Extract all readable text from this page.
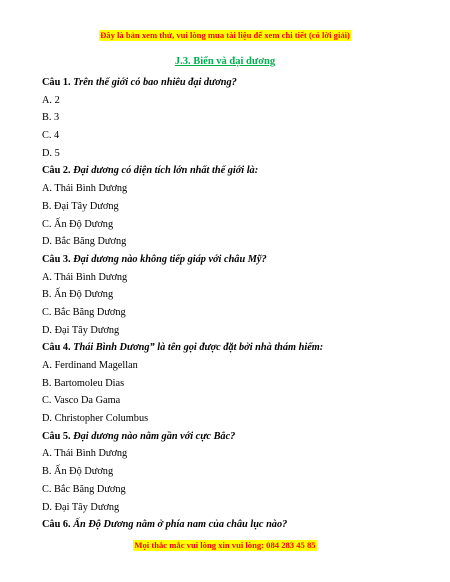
Đây là bản xem thử, vui lòng mua tài liệu để xem chi tiết (có lời giải)
J.3. Biển và đại dương
Câu 1. Trên thế giới có bao nhiêu đại dương?
A. 2
B. 3
C. 4
D. 5
Câu 2. Đại dương có diện tích lớn nhất thế giới là:
A. Thái Bình Dương
B. Đại Tây Dương
C. Ấn Độ Dương
D. Bắc Băng Dương
Câu 3. Đại dương nào không tiếp giáp với châu Mỹ?
A. Thái Bình Dương
B. Ấn Độ Dương
C. Bắc Băng Dương
D. Đại Tây Dương
Câu 4. Thái Bình Dương” là tên gọi được đặt bởi nhà thám hiểm:
A. Ferdinand Magellan
B. Bartomoleu Dias
C. Vasco Da Gama
D. Christopher Columbus
Câu 5. Đại dương nào nằm gần với cực Bắc?
A. Thái Bình Dương
B. Ấn Độ Dương
C. Bắc Băng Dương
D. Đại Tây Dương
Câu 6. Ấn Độ Dương nằm ở phía nam của châu lục nào?
Mọi thắc mắc vui lòng xin vui lòng: 084 283 45 85
